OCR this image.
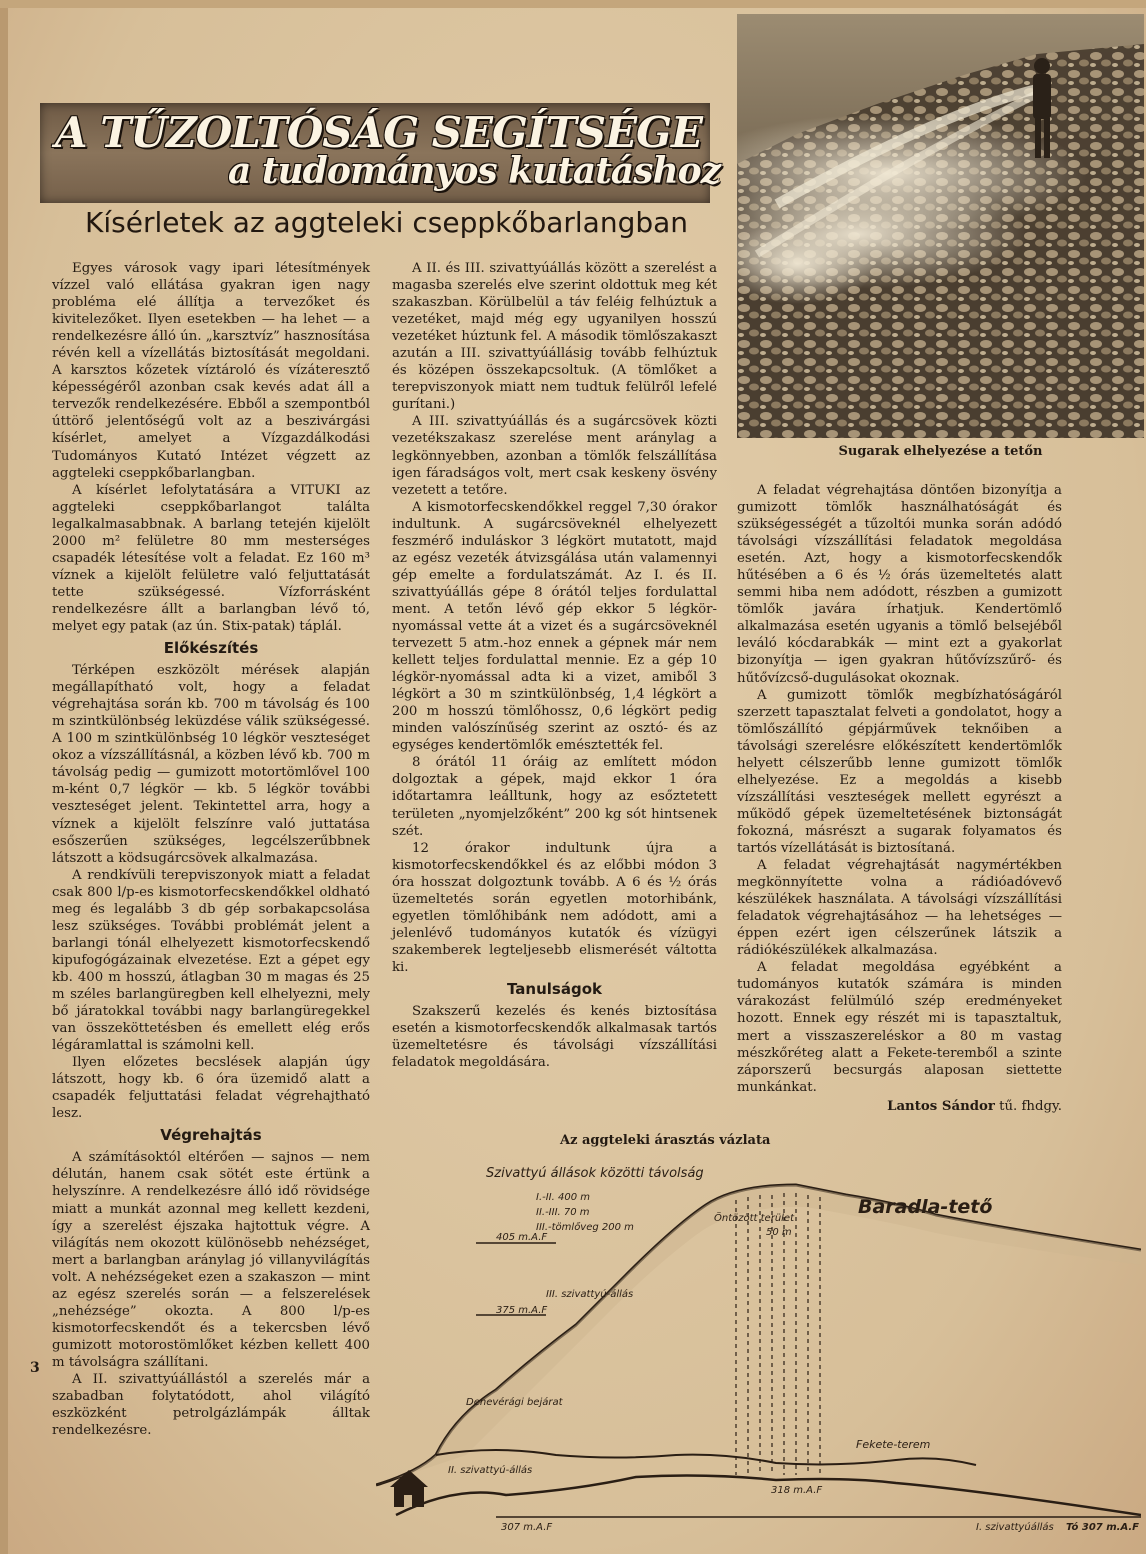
A TŰZOLTÓSÁG SEGÍTSÉGE
a tudományos kutatáshoz
Kísérletek az aggteleki cseppkőbarlangban
Sugarak elhelyezése a tetőn

Egyes városok vagy ipari létesítmények vízzel való ellátása gyakran igen nagy probléma elé állítja a tervezőket és kivitelezőket. Ilyen esetekben — ha lehet — a rendelkezésre álló ún. „karsztvíz” hasznosítása révén kell a vízellátás biztosítását megoldani. A karsztos kőzetek víztároló és vízáteresztő képességéről azonban csak kevés adat áll a tervezők rendelkezésére. Ebből a szempontból úttörő jelentőségű volt az a beszivárgási kísérlet, amelyet a Vízgazdálkodási Tudományos Kutató Intézet végzett az aggteleki cseppkőbarlangban.

A kísérlet lefolytatására a VITUKI az aggteleki cseppkőbarlangot találta legalkalmasabbnak. A barlang tetején kijelölt 2000 m² felületre 80 mm mesterséges csapadék létesítése volt a feladat. Ez 160 m³ víznek a kijelölt felületre való feljuttatását tette szükségessé. Vízforrásként rendelkezésre állt a barlangban lévő tó, melyet egy patak (az ún. Stix-patak) táplál.

Előkészítés

Térképen eszközölt mérések alapján megállapítható volt, hogy a feladat végrehajtása során kb. 700 m távolság és 100 m szintkülönbség leküzdése válik szükségessé. A 100 m szintkülönbség 10 légkör veszteséget okoz a vízszállításnál, a közben lévő kb. 700 m távolság pedig — gumizott motortömlővel 100 m-ként 0,7 légkör — kb. 5 légkör további veszteséget jelent. Tekintettel arra, hogy a víznek a kijelölt felszínre való juttatása esőszerűen szükséges, legcélszerűbbnek látszott a ködsugárcsövek alkalmazása.

A rendkívüli terepviszonyok miatt a feladat csak 800 l/p-es kismotorfecskendőkkel oldható meg és legalább 3 db gép sorbakapcsolása lesz szükséges. További problémát jelent a barlangi tónál elhelyezett kismotorfecskendő kipufogógázainak elvezetése. Ezt a gépet egy kb. 400 m hosszú, átlagban 30 m magas és 25 m széles barlangüregben kell elhelyezni, mely bő járatokkal további nagy barlangüregekkel van összeköttetésben és emellett elég erős légáramlattal is számolni kell.

Ilyen előzetes becslések alapján úgy látszott, hogy kb. 6 óra üzemidő alatt a csapadék feljuttatási feladat végrehajtható lesz.

Végrehajtás

A számításoktól eltérően — sajnos — nem délután, hanem csak sötét este értünk a helyszínre. A rendelkezésre álló idő rövidsége miatt a munkát azonnal meg kellett kezdeni, így a szerelést éjszaka hajtottuk végre. A világítás nem okozott különösebb nehézséget, mert a barlangban aránylag jó villanyvilágítás volt. A nehézségeket ezen a szakaszon — mint az egész szerelés során — a felszerelések „nehézsége” okozta. A 800 l/p-es kismotorfecskendőt és a tekercsben lévő gumizott motorostömlőket kézben kellett 400 m távolságra szállítani.

A II. szivattyúállástól a szerelés már a szabadban folytatódott, ahol világító eszközként petrolgázlámpák álltak rendelkezésre.

A II. és III. szivattyúállás között a szerelést a magasba szerelés elve szerint oldottuk meg két szakaszban. Körülbelül a táv feléig felhúztuk a vezetéket, majd még egy ugyanilyen hosszú vezetéket húztunk fel. A második tömlőszakaszt azután a III. szivattyúállásig tovább felhúztuk és középen összekapcsoltuk. (A tömlőket a terepviszonyok miatt nem tudtuk felülről lefelé gurítani.)

A III. szivattyúállás és a sugárcsövek közti vezetékszakasz szerelése ment aránylag a legkönnyebben, azonban a tömlők felszállítása igen fáradságos volt, mert csak keskeny ösvény vezetett a tetőre.

A kismotorfecskendőkkel reggel 7,30 órakor indultunk. A sugárcsöveknél elhelyezett feszmérő induláskor 3 légkört mutatott, majd az egész vezeték átvizsgálása után valamennyi gép emelte a fordulatszámát. Az I. és II. szivattyúállás gépe 8 órától teljes fordulattal ment. A tetőn lévő gép ekkor 5 légkör-nyomással vette át a vizet és a sugárcsöveknél tervezett 5 atm.-hoz ennek a gépnek már nem kellett teljes fordulattal mennie. Ez a gép 10 légkör-nyomással adta ki a vizet, amiből 3 légkört a 30 m szintkülönbség, 1,4 légkört a 200 m hosszú tömlőhossz, 0,6 légkört pedig minden valószínűség szerint az osztó- és az egységes kendertömlők emésztették fel.

8 órától 11 óráig az említett módon dolgoztak a gépek, majd ekkor 1 óra időtartamra leálltunk, hogy az esőztetett területen „nyomjelzőként” 200 kg sót hintsenek szét.

12 órakor indultunk újra a kismotorfecskendőkkel és az előbbi módon 3 óra hosszat dolgoztunk tovább. A 6 és ½ órás üzemeltetés során egyetlen motorhibánk, egyetlen tömlőhibánk nem adódott, ami a jelenlévő tudományos kutatók és vízügyi szakemberek legteljesebb elismerését váltotta ki.

Tanulságok

Szakszerű kezelés és kenés biztosítása esetén a kismotorfecskendők alkalmasak tartós üzemeltetésre és távolsági vízszállítási feladatok megoldására.

A feladat végrehajtása döntően bizonyítja a gumizott tömlők használhatóságát és szükségességét a tűzoltói munka során adódó távolsági vízszállítási feladatok megoldása esetén. Azt, hogy a kismotorfecskendők hűtésében a 6 és ½ órás üzemeltetés alatt semmi hiba nem adódott, részben a gumizott tömlők javára írhatjuk. Kendertömlő alkalmazása esetén ugyanis a tömlő belsejéből leváló kócdarabkák — mint ezt a gyakorlat bizonyítja — igen gyakran hűtővízszűrő- és hűtővízcső-dugulásokat okoznak.

A gumizott tömlők megbízhatóságáról szerzett tapasztalat felveti a gondolatot, hogy a tömlőszállító gépjárművek teknőiben a távolsági szerelésre előkészített kendertömlők helyett célszerűbb lenne gumizott tömlők elhelyezése. Ez a megoldás a kisebb vízszállítási veszteségek mellett egyrészt a működő gépek üzemeltetésének biztonságát fokozná, másrészt a sugarak folyamatos és tartós vízellátását is biztosítaná.

A feladat végrehajtását nagymértékben megkönnyítette volna a rádióadóvevő készülékek használata. A távolsági vízszállítási feladatok végrehajtásához — ha lehetséges — éppen ezért igen célszerűnek látszik a rádiókészülékek alkalmazása.

A feladat megoldása egyébként a tudományos kutatók számára is minden várakozást felülmúló szép eredményeket hozott. Ennek egy részét mi is tapasztaltuk, mert a visszaszereléskor a 80 m vastag mészkőréteg alatt a Fekete-teremből a szinte záporszerű becsurgás alaposan siettette munkánkat.

Lantos Sándor tű. fhdgy.

Az aggteleki árasztás vázlata
Szivattyú állások közötti távolság
I.-II. 400 m
II.-III. 70 m
III.-tömlőveg 200 m
Baradla-tető
Öntözött terület
50 m
405 m.A.F
375 m.A.F
III. szivattyú-állás
Denevérági bejárat
II. szivattyú-állás
Fekete-terem
318 m.A.F
307 m.A.F	I. szivattyúállás Tó 307 m.A.F
3
